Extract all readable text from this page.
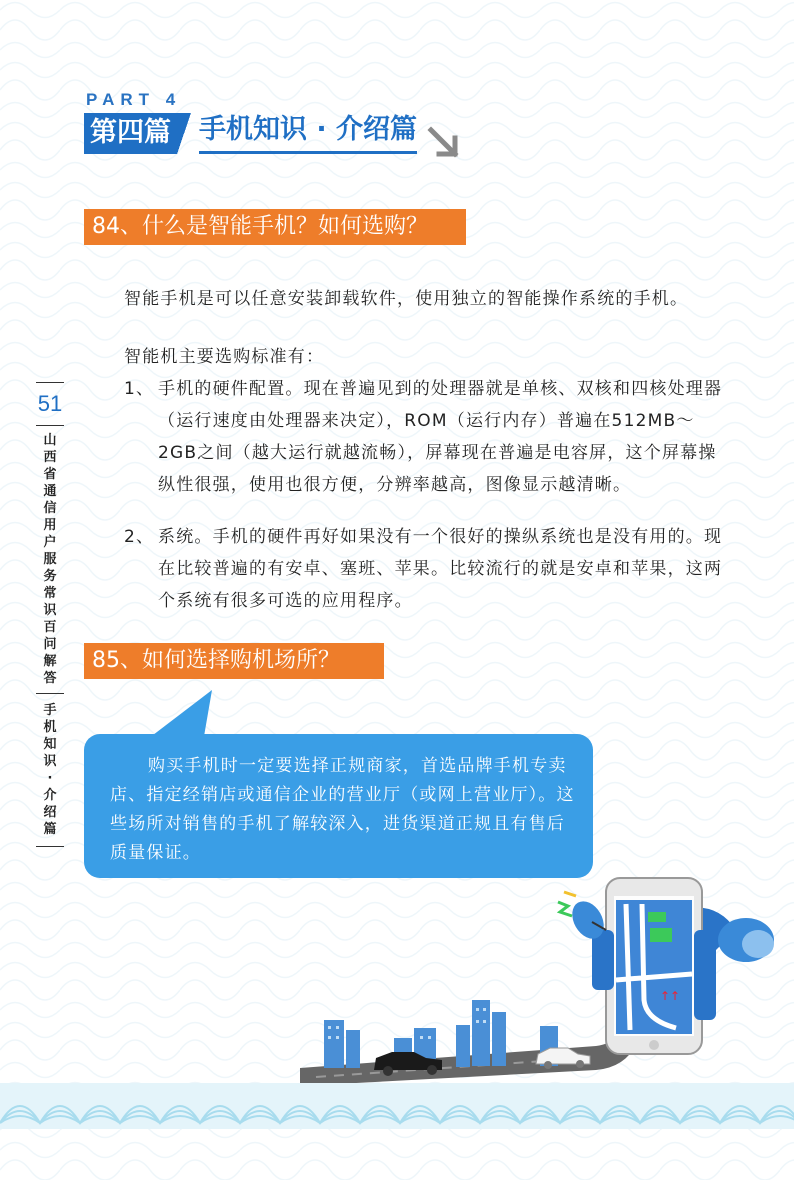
PART 4
第四篇 手机知识 · 介绍篇
51
山西省通信用户服务常识百问解答
手机知识·介绍篇
84、什么是智能手机？如何选购？
智能手机是可以任意安装卸载软件，使用独立的智能操作系统的手机。
智能机主要选购标准有：
1、 手机的硬件配置。现在普遍见到的处理器就是单核、双核和四核处理器（运行速度由处理器来决定），ROM（运行内存）普遍在512MB～2GB之间（越大运行就越流畅），屏幕现在普遍是电容屏，这个屏幕操纵性很强，使用也很方便，分辨率越高，图像显示越清晰。
2、 系统。手机的硬件再好如果没有一个很好的操纵系统也是没有用的。现在比较普遍的有安卓、塞班、苹果。比较流行的就是安卓和苹果，这两个系统有很多可选的应用程序。
85、如何选择购机场所？
购买手机时一定要选择正规商家，首选品牌手机专卖店、指定经销店或通信企业的营业厅（或网上营业厅）。这些场所对销售的手机了解较深入，进货渠道正规且有售后质量保证。
↑↑
